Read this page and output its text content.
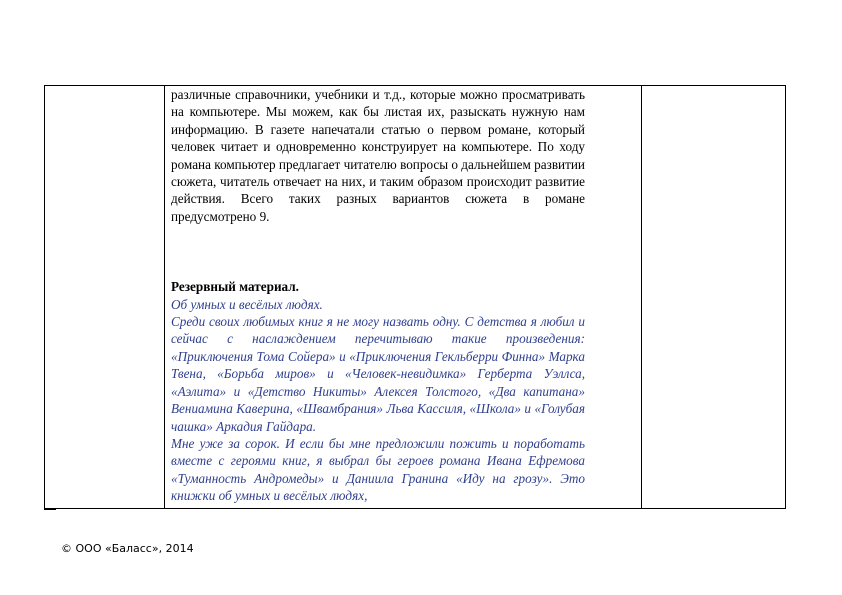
различные справочники, учебники и т.д., которые можно просматривать на компьютере. Мы можем, как бы листая их, разыскать нужную нам информацию. В газете напечатали статью о первом романе, который человек читает и одновременно конструирует на компьютере. По ходу романа компьютер предлагает читателю вопросы о дальнейшем развитии сюжета, читатель отвечает на них, и таким образом происходит развитие действия. Всего таких разных вариантов сюжета в романе предусмотрено 9.

Резервный материал.

Об умных и весёлых людях.

Среди своих любимых книг я не могу назвать одну. С детства я любил и сейчас с наслаждением перечитываю такие произведения: «Приключения Тома Сойера» и «Приключения Гекльберри Финна» Марка Твена, «Борьба миров» и «Человек-невидимка» Герберта Уэллса, «Аэлита» и «Детство Никиты» Алексея Толстого, «Два капитана» Вениамина Каверина, «Швамбрания» Льва Кассиля, «Школа» и «Голубая чашка» Аркадия Гайдара.

Мне уже за сорок. И если бы мне предложили пожить и поработать вместе с героями книг, я выбрал бы героев романа Ивана Ефремова «Туманность Андромеды» и Даниила Гранина «Иду на грозу». Это книжки об умных и весёлых людях,

© ООО «Баласс», 2014
